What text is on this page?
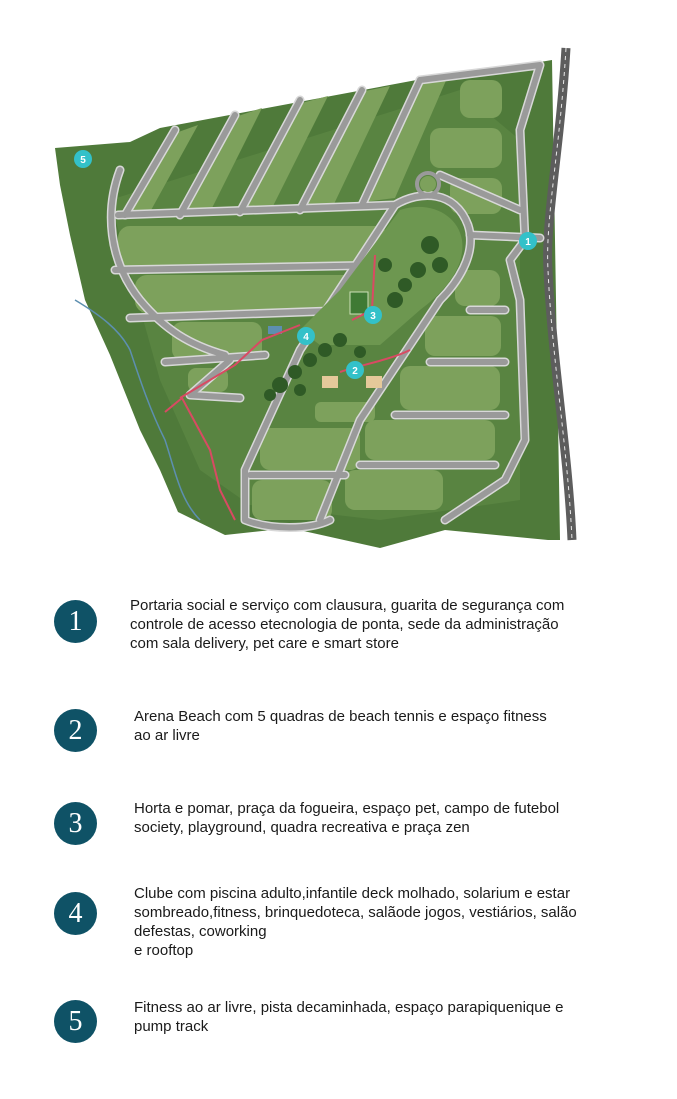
1
2
3
4
5
1
Portaria social e serviço com clausura, guarita de segurança com
controle de acesso etecnologia de ponta, sede da administração
com sala delivery, pet care e smart store
2	Arena Beach com 5 quadras de beach tennis e espaço fitness
ao ar livre
3	Horta e pomar, praça da fogueira, espaço pet, campo de futebol
society, playground, quadra recreativa e praça zen
4
Clube com piscina adulto,infantile deck molhado, solarium e estar
sombreado,fitness, brinquedoteca, salãode jogos, vestiários, salão
defestas, coworking
e rooftop
5	Fitness ao ar livre, pista decaminhada, espaço parapiquenique e
pump track
